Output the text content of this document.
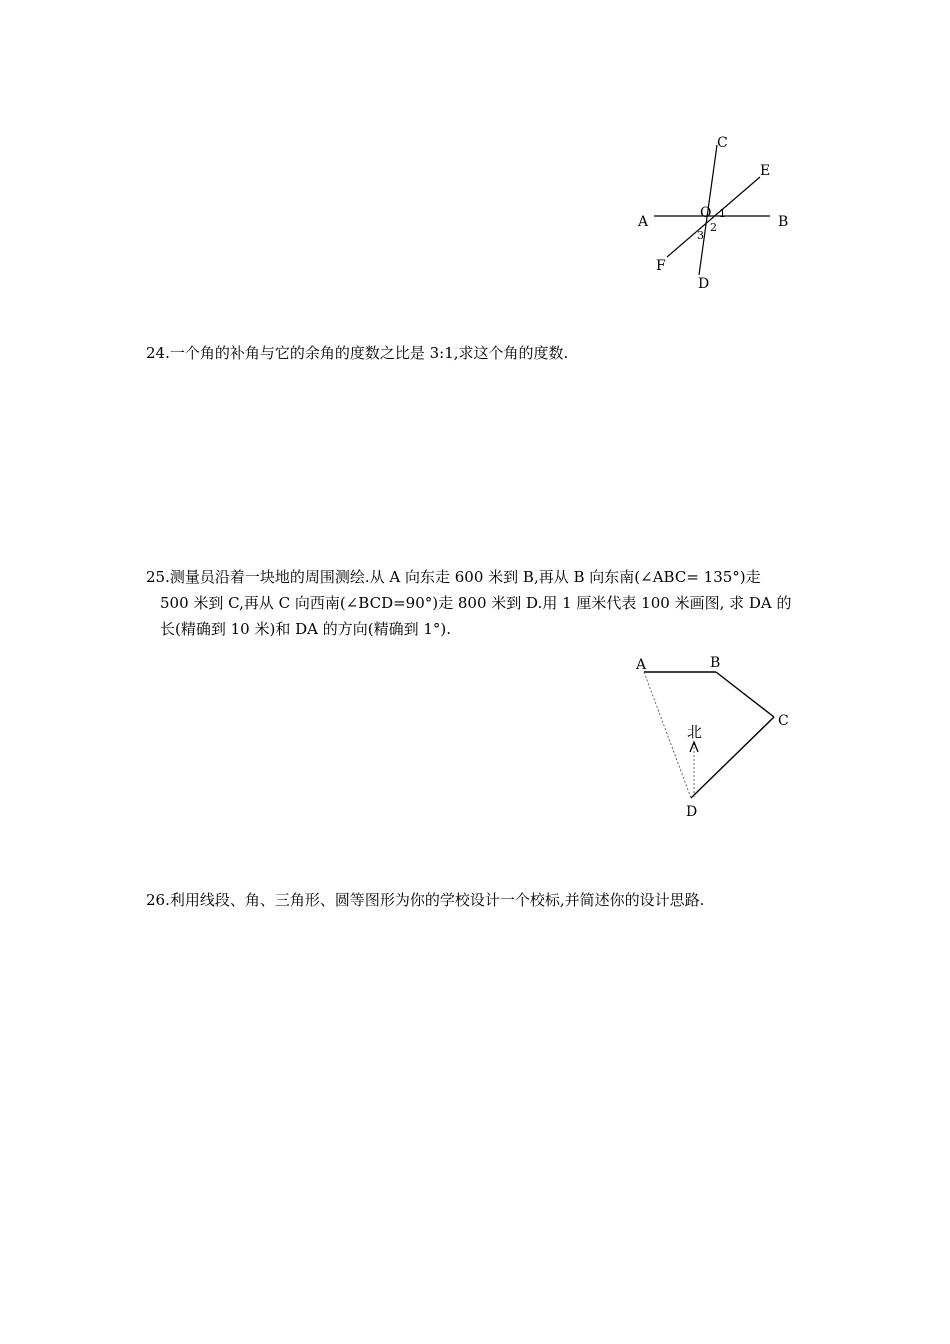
C
E
A
O 1
2
3
B
F
D

24.一个角的补角与它的余角的度数之比是 3:1,求这个角的度数.

25.测量员沿着一块地的周围测绘.从 A 向东走 600 米到 B,再从 B 向东南(∠ABC= 135°)走
500 米到 C,再从 C 向西南(∠BCD=90°)走 800 米到 D.用 1 厘米代表 100 米画图, 求 DA 的
长(精确到 10 米)和 DA 的方向(精确到 1°).

北
A	B
C
D

26.利用线段、角、三角形、圆等图形为你的学校设计一个校标,并简述你的设计思路.
